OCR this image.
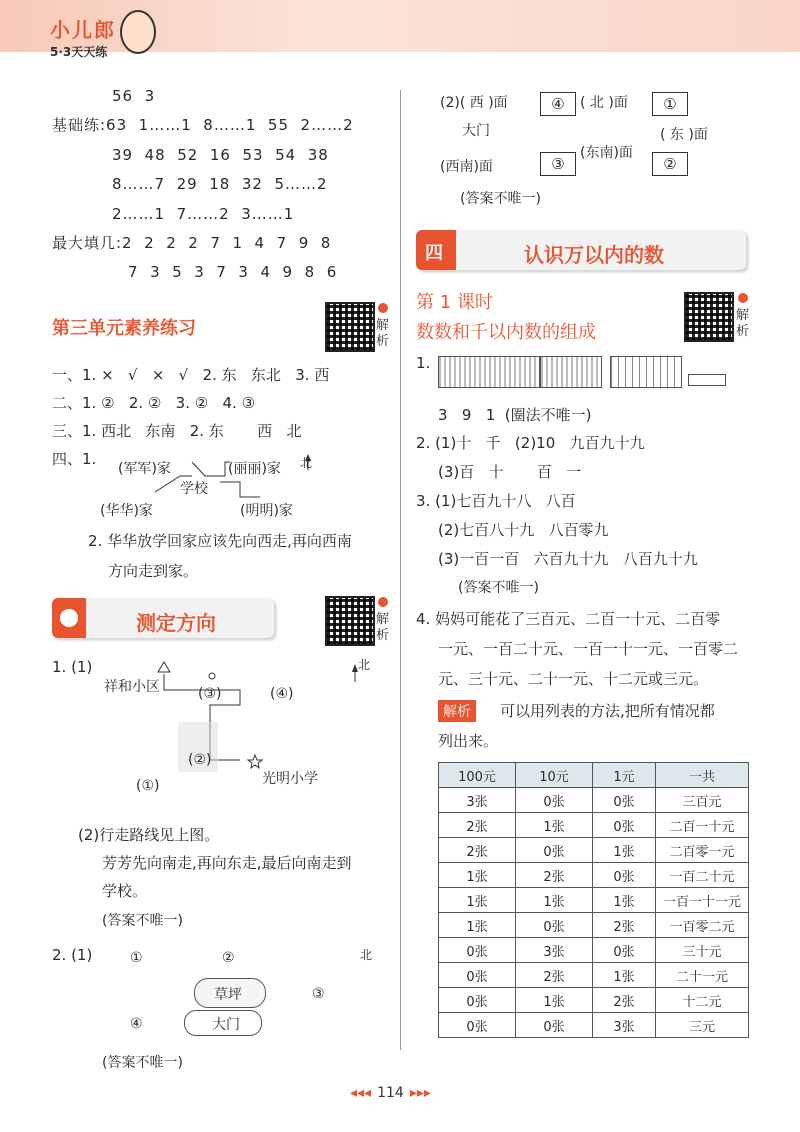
小儿郎
5·3天天练
56  3
基础练:63  1……1  8……1  55  2……2
39  48  52  16  53  54  38
8……7  29  18  32  5……2
2……1  7……2  3……1
最大填几:2  2  2  2  7  1  4  7  9  8
7  3  5  3  7  3  4  9  8  6
第三单元素养练习	解析
一、1. ×   √   ×   √   2. 东   东北   3. 西
二、1. ②   2. ②   3. ②   4. ③
三、1. 西北   东南   2. 东       西   北
四、1.
(军军)家	(丽丽)家
学校
(华华)家	(明明)家
北
2. 华华放学回家应该先向西走,再向西南
方向走到家。
测定方向	解析
1. (1)
祥和小区	(③)	(④)
(②)
(①)	光明小学
北
(2)行走路线见上图。
芳芳先向南走,再向东走,最后向南走到
学校。
(答案不唯一)
2. (1)	①	②
③
④
草坪
大门
北
(答案不唯一)
(2)( 西 )面	④	( 北 )面	①
大门	( 东 )面
(西南)面	③
(东南)面
②
(答案不唯一)
四	认识万以内的数
第 1 课时
数数和千以内数的组成
解析
1.
3   9   1  (圈法不唯一)
2. (1)十   千   (2)10   九百九十九
(3)百   十       百   一
3. (1)七百九十八   八百
(2)七百八十九   八百零九
(3)一百一百   六百九十九   八百九十九
(答案不唯一)
4. 妈妈可能花了三百元、二百一十元、二百零
一元、一百二十元、一百一十一元、一百零二
元、三十元、二十一元、十二元或三元。
解析	可以用列表的方法,把所有情况都
列出来。
100元	10元	1元	一共
3张	0张	0张	三百元
2张	1张	0张	二百一十元
2张	0张	1张	二百零一元
1张	2张	0张	一百二十元
1张	1张	1张	一百一十一元
1张	0张	2张	一百零二元
0张	3张	0张	三十元
0张	2张	1张	二十一元
0张	1张	2张	十二元
0张	0张	3张	三元
◂◂◂ 114 ▸▸▸
